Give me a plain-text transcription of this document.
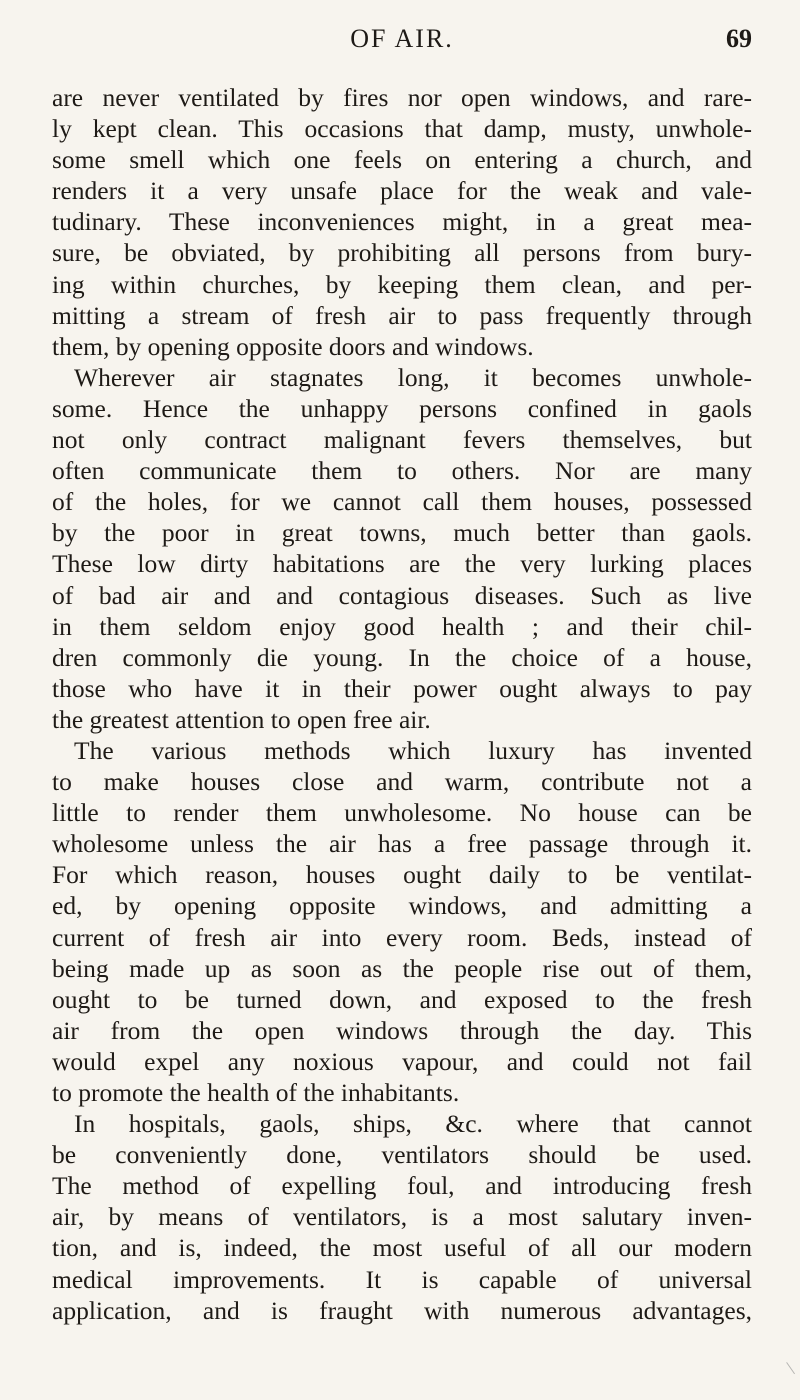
OF AIR.	69
are never ventilated by fires nor open windows, and rare-
ly kept clean. This occasions that damp, musty, unwhole-
some smell which one feels on entering a church, and
renders it a very unsafe place for the weak and vale-
tudinary. These inconveniences might, in a great mea-
sure, be obviated, by prohibiting all persons from bury-
ing within churches, by keeping them clean, and per-
mitting a stream of fresh air to pass frequently through
them, by opening opposite doors and windows.
Wherever air stagnates long, it becomes unwhole-
some. Hence the unhappy persons confined in gaols
not only contract malignant fevers themselves, but
often communicate them to others. Nor are many
of the holes, for we cannot call them houses, possessed
by the poor in great towns, much better than gaols.
These low dirty habitations are the very lurking places
of bad air and and contagious diseases. Such as live
in them seldom enjoy good health ; and their chil-
dren commonly die young. In the choice of a house,
those who have it in their power ought always to pay
the greatest attention to open free air.
The various methods which luxury has invented
to make houses close and warm, contribute not a
little to render them unwholesome. No house can be
wholesome unless the air has a free passage through it.
For which reason, houses ought daily to be ventilat-
ed, by opening opposite windows, and admitting a
current of fresh air into every room. Beds, instead of
being made up as soon as the people rise out of them,
ought to be turned down, and exposed to the fresh
air from the open windows through the day. This
would expel any noxious vapour, and could not fail
to promote the health of the inhabitants.
In hospitals, gaols, ships, &c. where that cannot
be conveniently done, ventilators should be used.
The method of expelling foul, and introducing fresh
air, by means of ventilators, is a most salutary inven-
tion, and is, indeed, the most useful of all our modern
medical improvements. It is capable of universal
application, and is fraught with numerous advantages,
